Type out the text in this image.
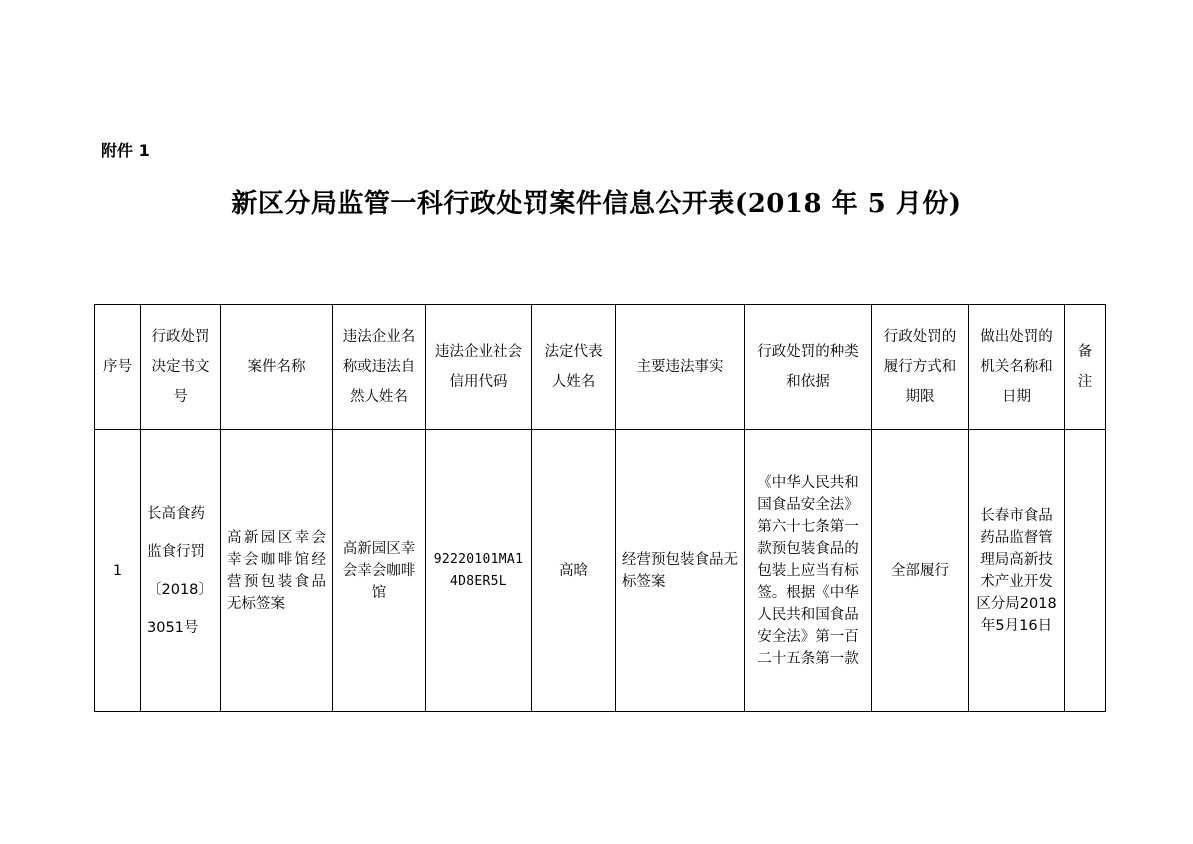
附件 1
新区分局监管一科行政处罚案件信息公开表(2018 年 5 月份)
序号	行政处罚决定书文号	案件名称	违法企业名称或违法自然人姓名	违法企业社会信用代码	法定代表人姓名	主要违法事实	行政处罚的种类和依据	行政处罚的履行方式和期限	做出处罚的机关名称和日期	备注
1	长高食药监食行罚〔2018〕3051号	高新园区幸会幸会咖啡馆经营预包装食品无标签案	高新园区幸会幸会咖啡馆	92220101MA14D8ER5L	高晗	经营预包装食品无标签案	《中华人民共和国食品安全法》第六十七条第一款预包装食品的包装上应当有标签。根据《中华人民共和国食品安全法》第一百二十五条第一款	全部履行	长春市食品药品监督管理局高新技术产业开发区分局2018年5月16日	
